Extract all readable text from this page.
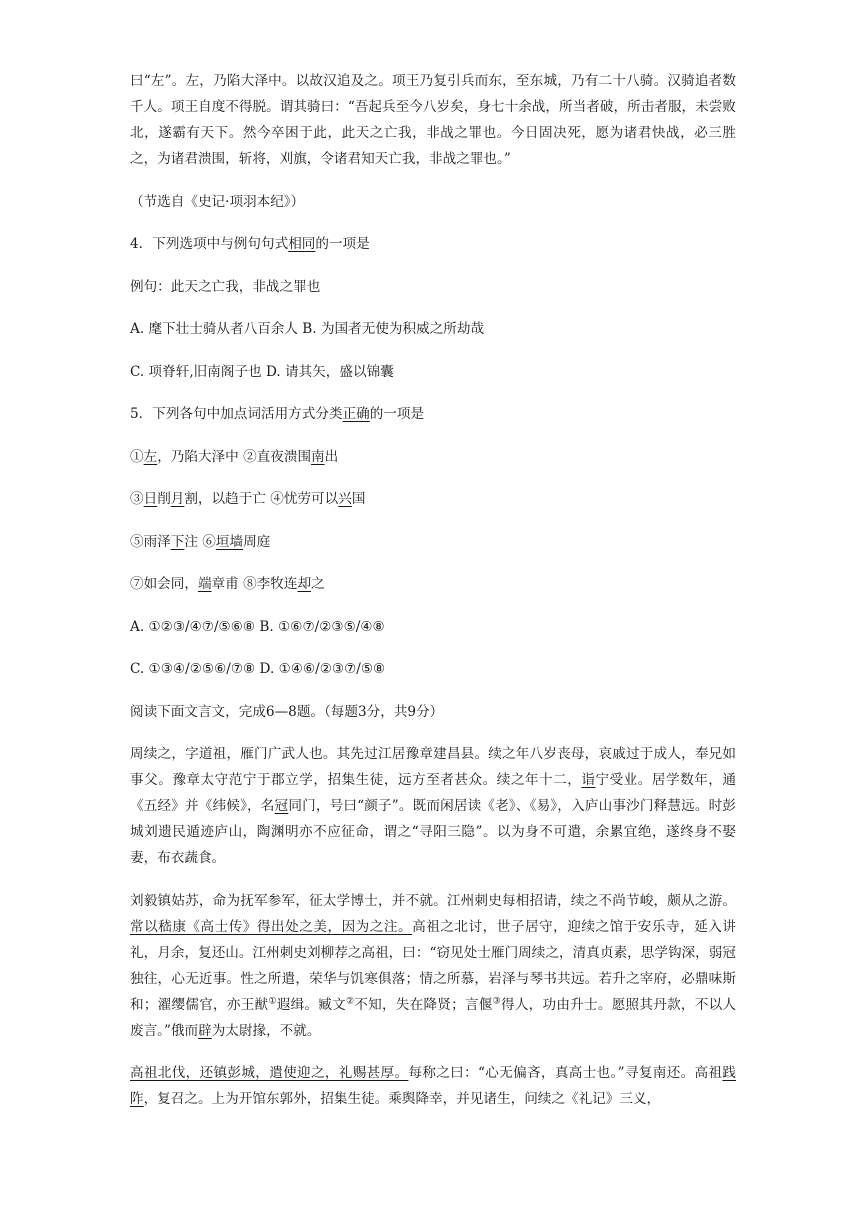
曰“左”。左，乃陷大泽中。以故汉追及之。项王乃复引兵而东，至东城，乃有二十八骑。汉骑追者数千人。项王自度不得脱。谓其骑曰：“吾起兵至今八岁矣，身七十余战，所当者破，所击者服，未尝败北，遂霸有天下。然今卒困于此，此天之亡我，非战之罪也。今日固决死，愿为诸君快战，必三胜之，为诸君溃围，斩将，刈旗，令诸君知天亡我，非战之罪也。”

（节选自《史记·项羽本纪》）

4．下列选项中与例句句式相同的一项是

例句：此天之亡我，非战之罪也

A. 麾下壮士骑从者八百余人 B. 为国者无使为积威之所劫哉

C. 项脊轩,旧南阁子也 D. 请其矢，盛以锦囊

5．下列各句中加点词活用方式分类正确的一项是

①左，乃陷大泽中 ②直夜溃围南出

③日削月割，以趋于亡 ④忧劳可以兴国

⑤雨泽下注 ⑥垣墙周庭

⑦如会同，端章甫 ⑧李牧连却之

A. ①②③/④⑦/⑤⑥⑧ B. ①⑥⑦/②③⑤/④⑧

C. ①③④/②⑤⑥/⑦⑧ D. ①④⑥/②③⑦/⑤⑧

阅读下面文言文，完成6—8题。（每题3分，共9分）

周续之，字道祖，雁门广武人也。其先过江居豫章建昌县。续之年八岁丧母，哀戚过于成人，奉兄如事父。豫章太守范宁于郡立学，招集生徒，远方至者甚众。续之年十二，诣宁受业。居学数年，通《五经》并《纬候》，名冠同门，号曰“颜子”。既而闲居读《老》、《易》，入庐山事沙门释慧远。时彭城刘遗民遁迹庐山，陶渊明亦不应征命，谓之“寻阳三隐”。以为身不可遣，余累宜绝，遂终身不娶妻，布衣蔬食。

刘毅镇姑苏，命为抚军参军，征太学博士，并不就。江州刺史每相招请，续之不尚节峻，颇从之游。常以嵇康《高士传》得出处之美，因为之注。高祖之北讨，世子居守，迎续之馆于安乐寺，延入讲礼，月余，复还山。江州刺史刘柳荐之高祖，曰：“窃见处士雁门周续之，清真贞素，思学钩深，弱冠独往，心无近事。性之所遣，荣华与饥寒俱落；情之所慕，岩泽与琴书共远。若升之宰府，必鼎味斯和；濯缨儒官，亦王猷①遐缉。臧文②不知，失在降贤；言偃③得人，功由升士。愿照其丹款，不以人废言。”俄而辟为太尉掾，不就。

高祖北伐，还镇彭城，遣使迎之，礼赐甚厚。每称之曰：“心无偏吝，真高士也。”寻复南还。高祖践阼，复召之。上为开馆东郭外，招集生徒。乘舆降幸，并见诸生，问续之《礼记》三义，
